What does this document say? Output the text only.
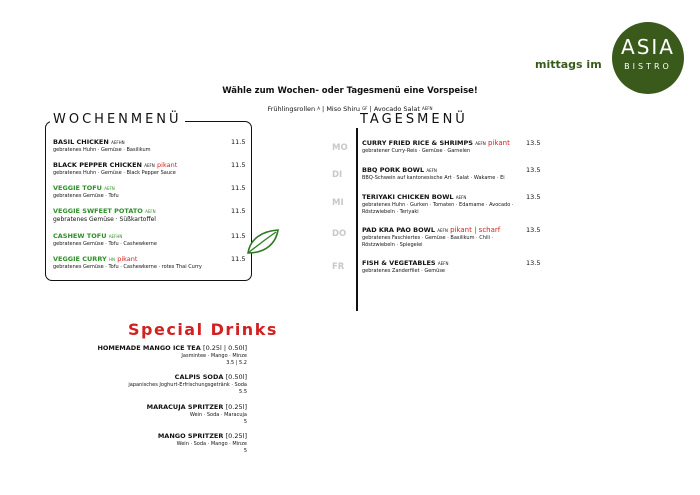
mittags im
ASIA
BISTRO
Wähle zum Wochen- oder Tagesmenü eine Vorspeise!
Frühlingsrollen $^A$ | Miso Shiru $^{GF}$ | Avocado Salat $^{AEFN}$
BASIL CHICKEN $^{AEFHN}$
gebratenes Huhn · Gemüse · Basilikum
11.5
BLACK PEPPER CHICKEN $^{AEFN}$ pikant
gebratenes Huhn · Gemüse · Black Pepper Sauce
11.5
VEGGIE TOFU $^{AEFN}$
gebratenes Gemüse · Tofu
11.5
VEGGIE SWFEET POTATO $^{AEFN}$
gebratenes Gemüse · Süßkartoffel
11.5
CASHEW TOFU $^{AEFHN}$
gebratenes Gemüse · Tofu · Cashewkerne
11.5
VEGGIE CURRY $^{HN}$ pikant
gebratenes Gemüse · Tofu · Cashewkerne · rotes Thai Curry
11.5
WOCHENMENÜ	TAGESMENÜ
MO
DI
MI
DO
FR
CURRY FRIED RICE & SHRIMPS $^{AEFN}$ pikant
gebratener Curry-Reis · Gemüse · Garnelen
13.5
BBQ PORK BOWL $^{AEFN}$
BBQ-Schwein auf kantonesische Art · Salat · Wakame · Ei
13.5
TERIYAKI CHICKEN BOWL $^{AEFN}$
gebratenes Huhn · Gurken · Tomaten · Edamame · Avocado ·
Röstzwiebeln · Teriyaki
13.5
PAD KRA PAO BOWL $^{AEFN}$ pikant | scharf
gebratenes Faschiertes · Gemüse · Basilikum · Chili ·
Röstzwiebeln · Spiegelei
13.5
FISH & VEGETABLES $^{AEFN}$
gebratenes Zanderfilet · Gemüse
13.5
Special Drinks
HOMEMADE MANGO ICE TEA [0.25l | 0.50l]
Jasmintee · Mango · Minze
3.5 | 5.2
CALPIS SODA [0.50l]
japanisches Joghurt-Erfrischungsgetränk · Soda
5.5
MARACUJA SPRITZER [0.25l]
Wein · Soda · Maracuja
5
MANGO SPRITZER [0.25l]
Wein · Soda · Mango · Minze
5
